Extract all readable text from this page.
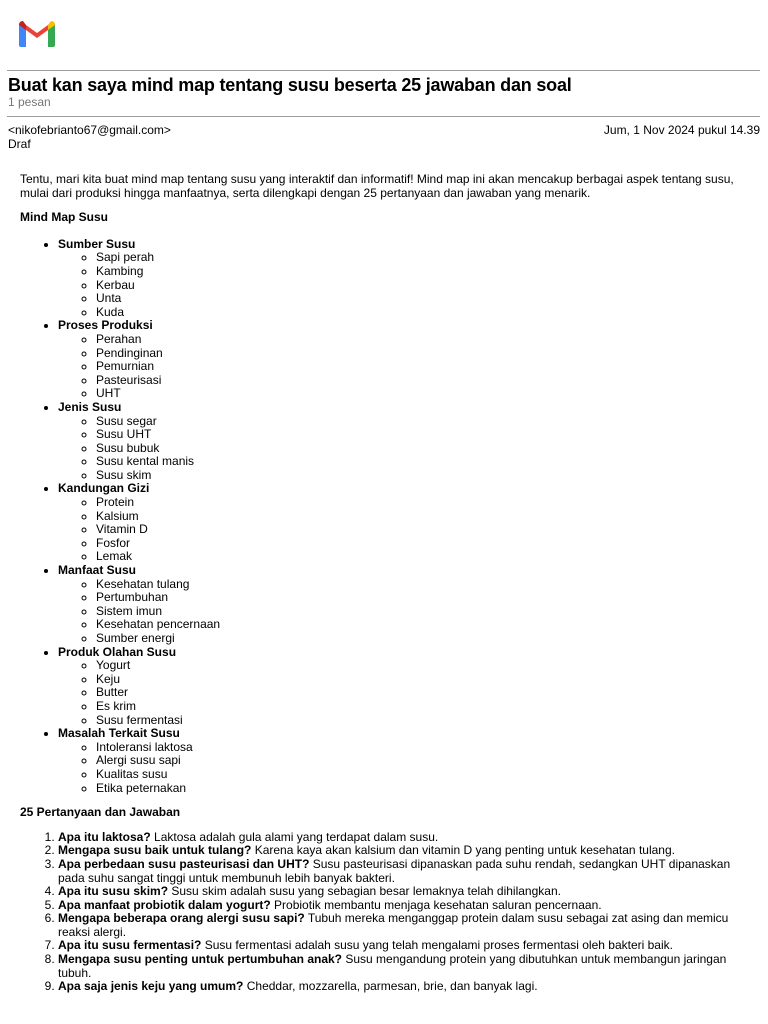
Buat kan saya mind map tentang susu beserta 25 jawaban dan soal
1 pesan
<nikofebrianto67@gmail.com>	Jum, 1 Nov 2024 pukul 14.39
Draf

Tentu, mari kita buat mind map tentang susu yang interaktif dan informatif! Mind map ini akan mencakup berbagai aspek tentang susu, mulai dari produksi hingga manfaatnya, serta dilengkapi dengan 25 pertanyaan dan jawaban yang menarik.

Mind Map Susu

• Sumber Susu
◦ Sapi perah
◦ Kambing
◦ Kerbau
◦ Unta
◦ Kuda
• Proses Produksi
◦ Perahan
◦ Pendinginan
◦ Pemurnian
◦ Pasteurisasi
◦ UHT
• Jenis Susu
◦ Susu segar
◦ Susu UHT
◦ Susu bubuk
◦ Susu kental manis
◦ Susu skim
• Kandungan Gizi
◦ Protein
◦ Kalsium
◦ Vitamin D
◦ Fosfor
◦ Lemak
• Manfaat Susu
◦ Kesehatan tulang
◦ Pertumbuhan
◦ Sistem imun
◦ Kesehatan pencernaan
◦ Sumber energi
• Produk Olahan Susu
◦ Yogurt
◦ Keju
◦ Butter
◦ Es krim
◦ Susu fermentasi
• Masalah Terkait Susu
◦ Intoleransi laktosa
◦ Alergi susu sapi
◦ Kualitas susu
◦ Etika peternakan

25 Pertanyaan dan Jawaban

1. Apa itu laktosa? Laktosa adalah gula alami yang terdapat dalam susu.
2. Mengapa susu baik untuk tulang? Karena kaya akan kalsium dan vitamin D yang penting untuk kesehatan tulang.
3. Apa perbedaan susu pasteurisasi dan UHT? Susu pasteurisasi dipanaskan pada suhu rendah, sedangkan UHT dipanaskan pada suhu sangat tinggi untuk membunuh lebih banyak bakteri.
4. Apa itu susu skim? Susu skim adalah susu yang sebagian besar lemaknya telah dihilangkan.
5. Apa manfaat probiotik dalam yogurt? Probiotik membantu menjaga kesehatan saluran pencernaan.
6. Mengapa beberapa orang alergi susu sapi? Tubuh mereka menganggap protein dalam susu sebagai zat asing dan memicu reaksi alergi.
7. Apa itu susu fermentasi? Susu fermentasi adalah susu yang telah mengalami proses fermentasi oleh bakteri baik.
8. Mengapa susu penting untuk pertumbuhan anak? Susu mengandung protein yang dibutuhkan untuk membangun jaringan tubuh.
9. Apa saja jenis keju yang umum? Cheddar, mozzarella, parmesan, brie, dan banyak lagi.
